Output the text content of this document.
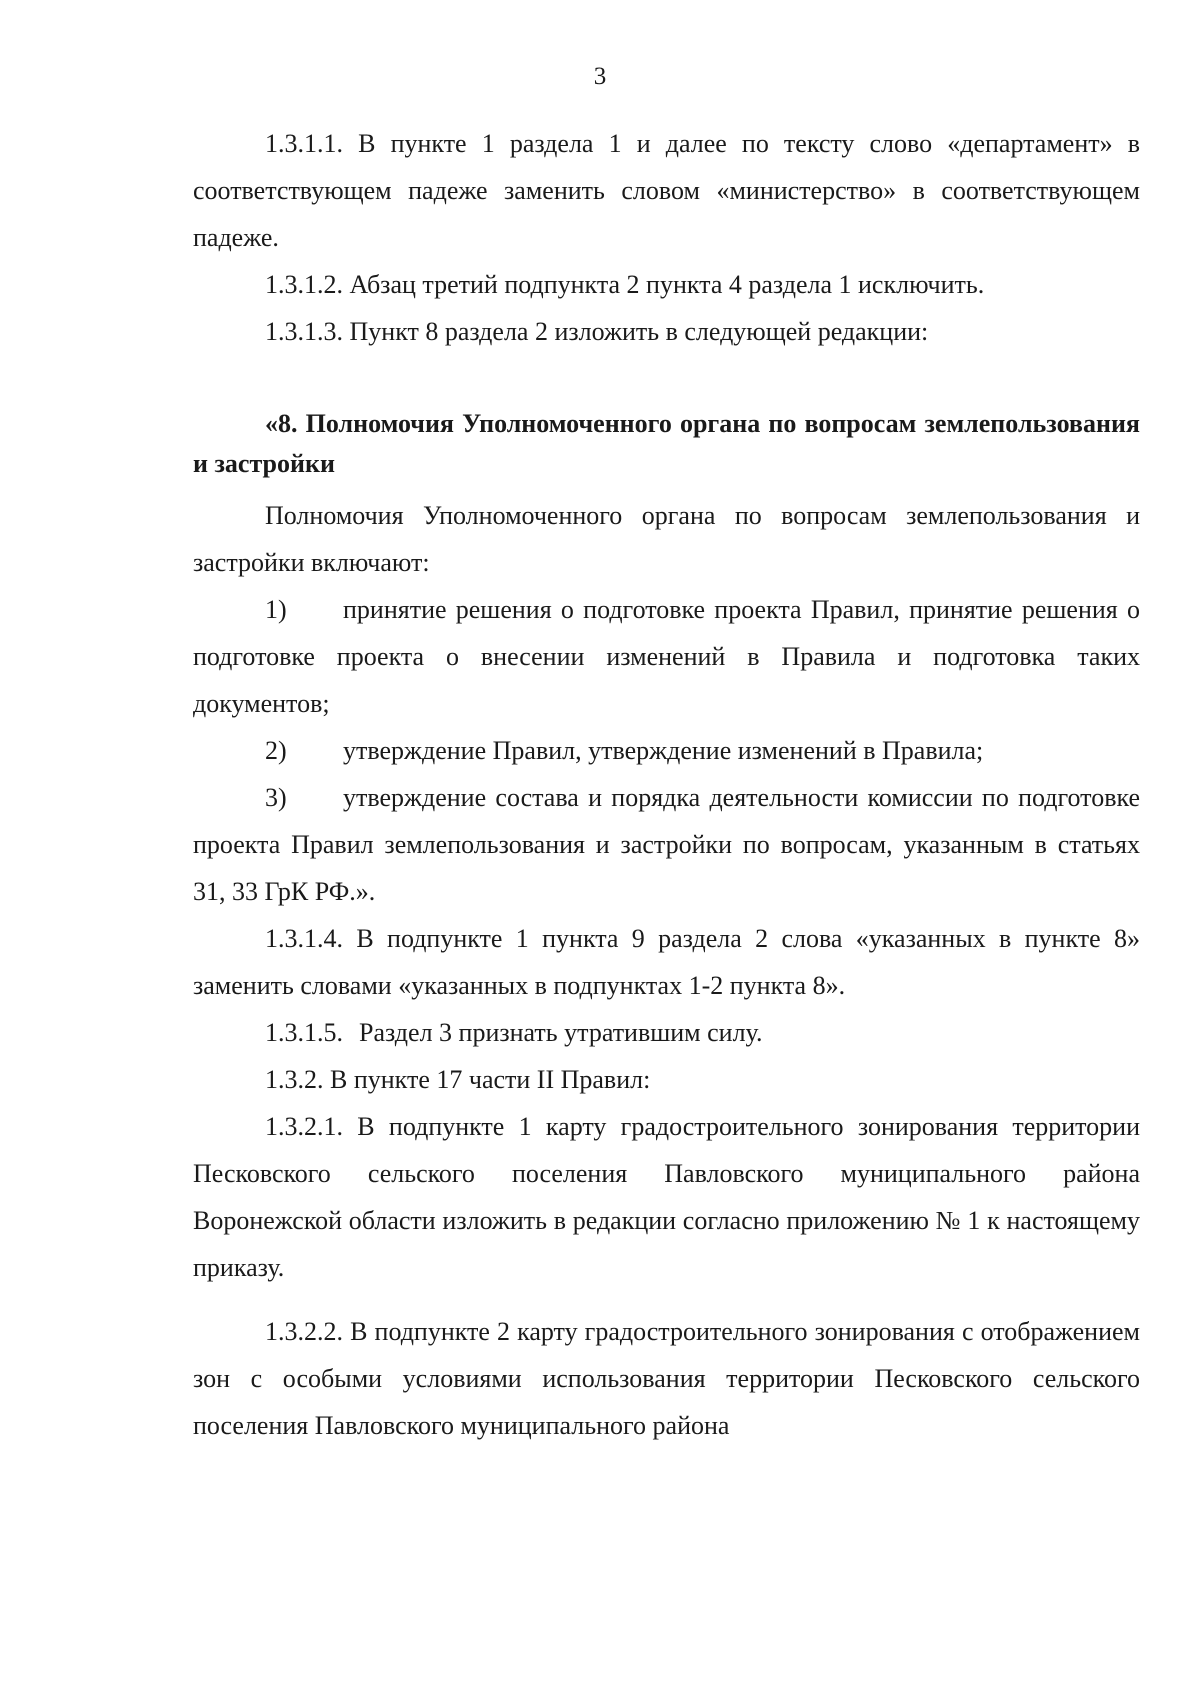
3

1.3.1.1. В пункте 1 раздела 1 и далее по тексту слово «департамент» в соответствующем падеже заменить словом «министерство» в соответствующем падеже.

1.3.1.2. Абзац третий подпункта 2 пункта 4 раздела 1 исключить.

1.3.1.3. Пункт 8 раздела 2 изложить в следующей редакции:

«8. Полномочия Уполномоченного органа по вопросам землепользования и застройки

Полномочия Уполномоченного органа по вопросам землепользования и застройки включают:

1) принятие решения о подготовке проекта Правил, принятие решения о подготовке проекта о внесении изменений в Правила и подготовка таких документов;

2) утверждение Правил, утверждение изменений в Правила;

3) утверждение состава и порядка деятельности комиссии по подготовке проекта Правил землепользования и застройки по вопросам, указанным в статьях 31, 33 ГрК РФ.».

1.3.1.4. В подпункте 1 пункта 9 раздела 2 слова «указанных в пункте 8» заменить словами «указанных в подпунктах 1-2 пункта 8».

1.3.1.5. Раздел 3 признать утратившим силу.

1.3.2. В пункте 17 части II Правил:

1.3.2.1. В подпункте 1 карту градостроительного зонирования территории Песковского сельского поселения Павловского муниципального района Воронежской области изложить в редакции согласно приложению № 1 к настоящему приказу.

1.3.2.2. В подпункте 2 карту градостроительного зонирования с отображением зон с особыми условиями использования территории Песковского сельского поселения Павловского муниципального района
